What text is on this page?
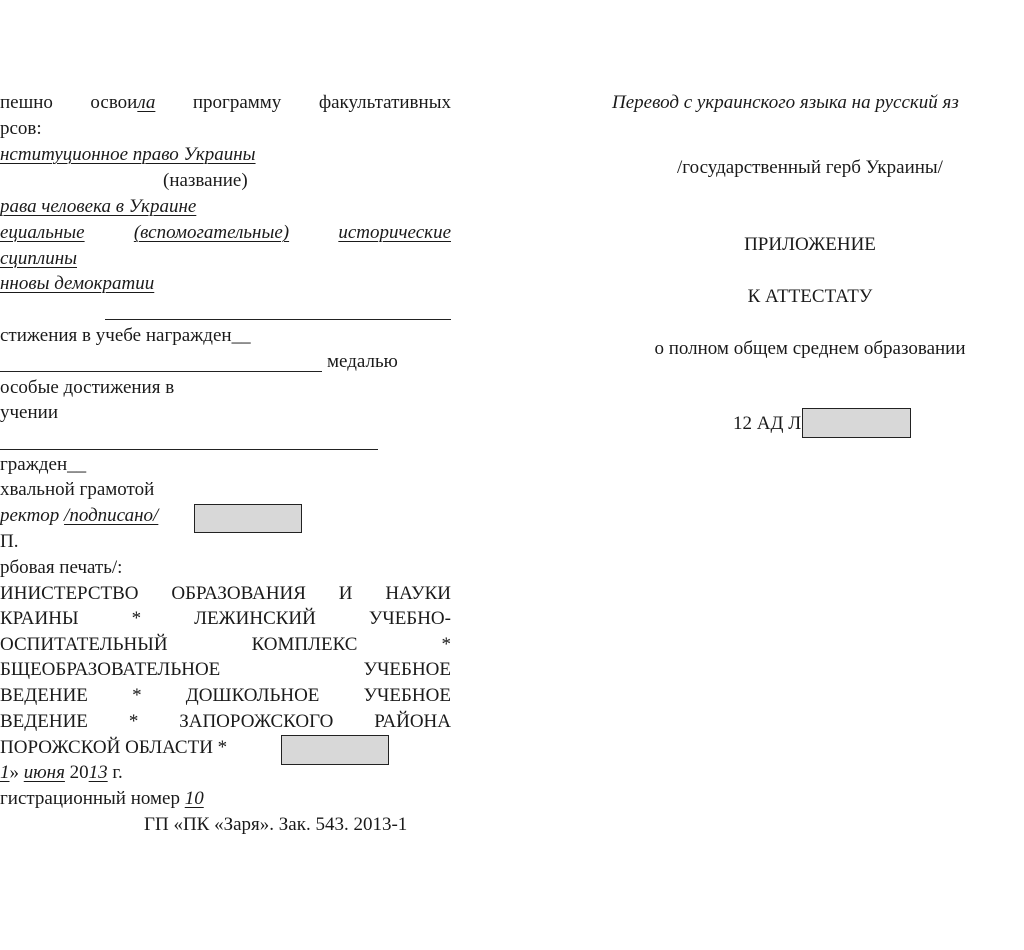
пешно освоила программу факультативных
рсов:
нституционное право Украины
(название)
рава человека в Украине
ециальные	(вспомогательные)	исторические
сциплины
нновы демократии
стижения в учебе награжден__
медалью
особые достижения в
учении
гражден__
хвальной грамотой
ректор /подписано/
П.
рбовая печать/:
ИНИСТЕРСТВО ОБРАЗОВАНИЯ И НАУКИ
КРАИНЫ	*	ЛЕЖИНСКИЙ	УЧЕБНО-
ОСПИТАТЕЛЬНЫЙ	КОМПЛЕКС	*
БЩЕОБРАЗОВАТЕЛЬНОЕ	УЧЕБНОЕ
ВЕДЕНИЕ * ДОШКОЛЬНОЕ УЧЕБНОЕ
ВЕДЕНИЕ * ЗАПОРОЖСКОГО РАЙОНА
ПОРОЖСКОЙ ОБЛАСТИ *
1» июня 2013 г.
гистрационный номер 10
ГП «ПК «Заря». Зак. 543. 2013-1
Перевод с украинского языка на русский яз
/государственный герб Украины/
ПРИЛОЖЕНИЕ
К АТТЕСТАТУ
о полном общем среднем образовании
12 АД Л
